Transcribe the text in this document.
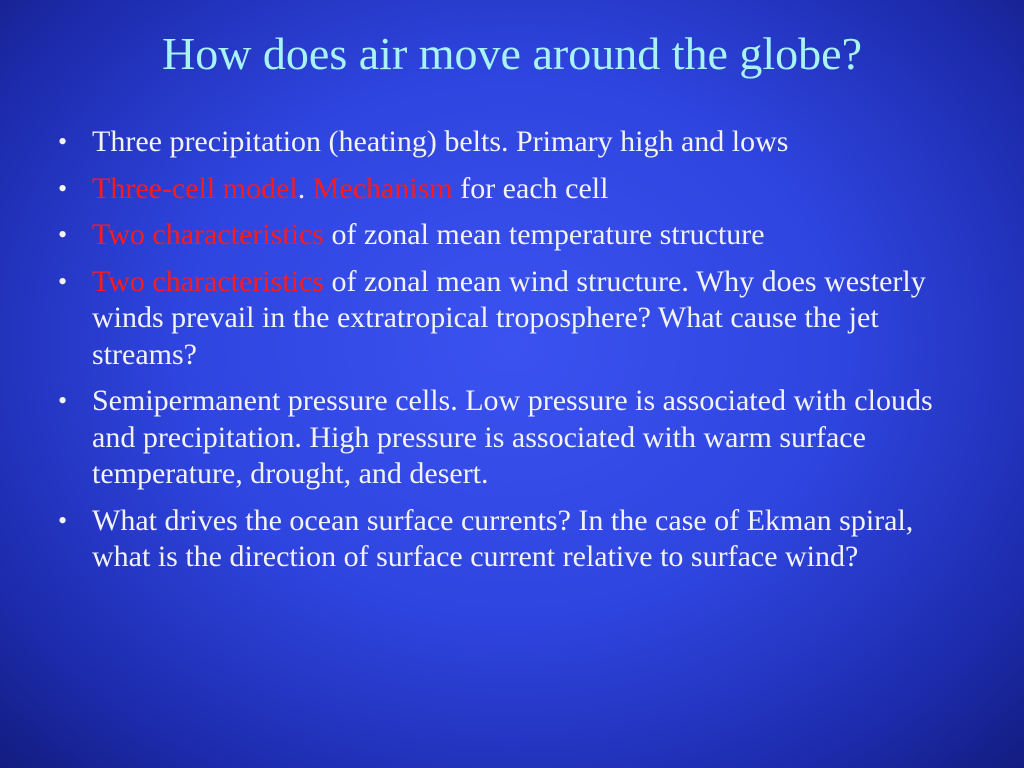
How does air move around the globe?
• Three precipitation (heating) belts. Primary high and lows
• Three-cell model. Mechanism for each cell
• Two characteristics of zonal mean temperature structure
• Two characteristics of zonal mean wind structure. Why does westerly winds prevail in the extratropical troposphere? What cause the jet streams?
• Semipermanent pressure cells. Low pressure is associated with clouds and precipitation. High pressure is associated with warm surface temperature, drought, and desert.
• What drives the ocean surface currents? In the case of Ekman spiral, what is the direction of surface current relative to surface wind?
